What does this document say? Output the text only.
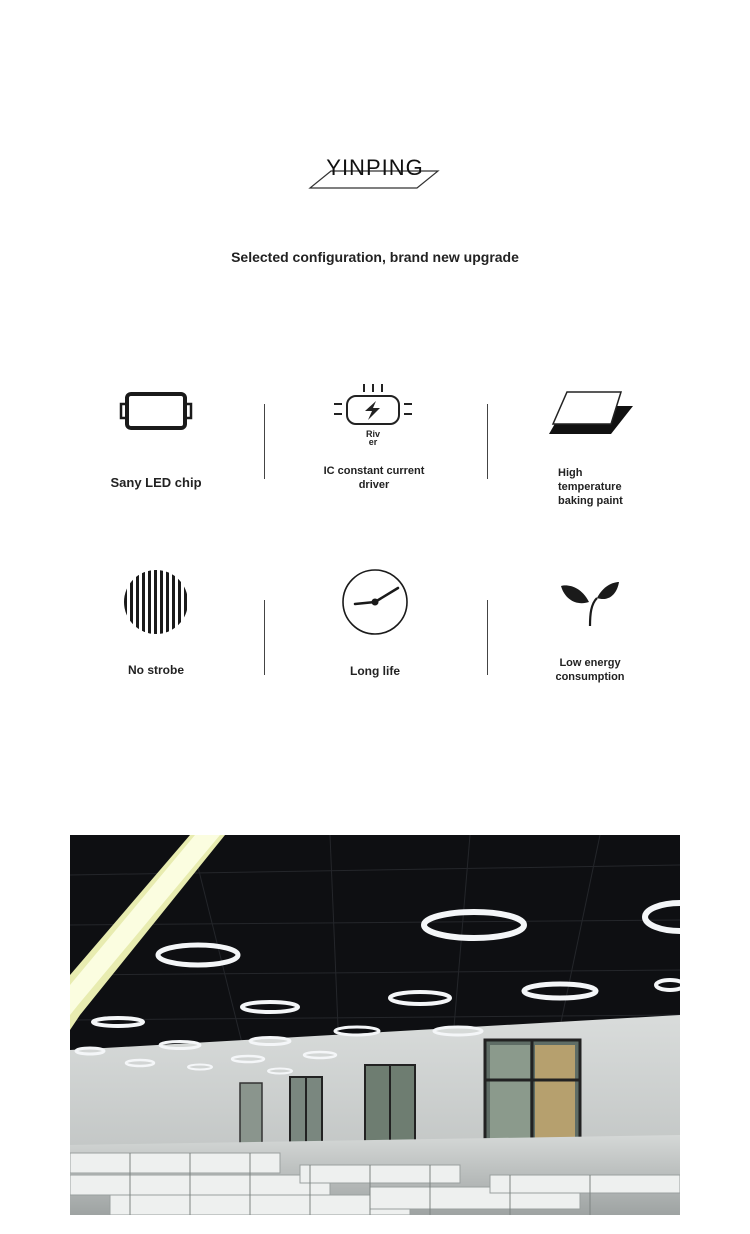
YINPING
Selected configuration, brand new upgrade
Sany LED chip
Riv
er
IC constant current driver
High temperature baking paint
No strobe	Long life
Low energy consumption
